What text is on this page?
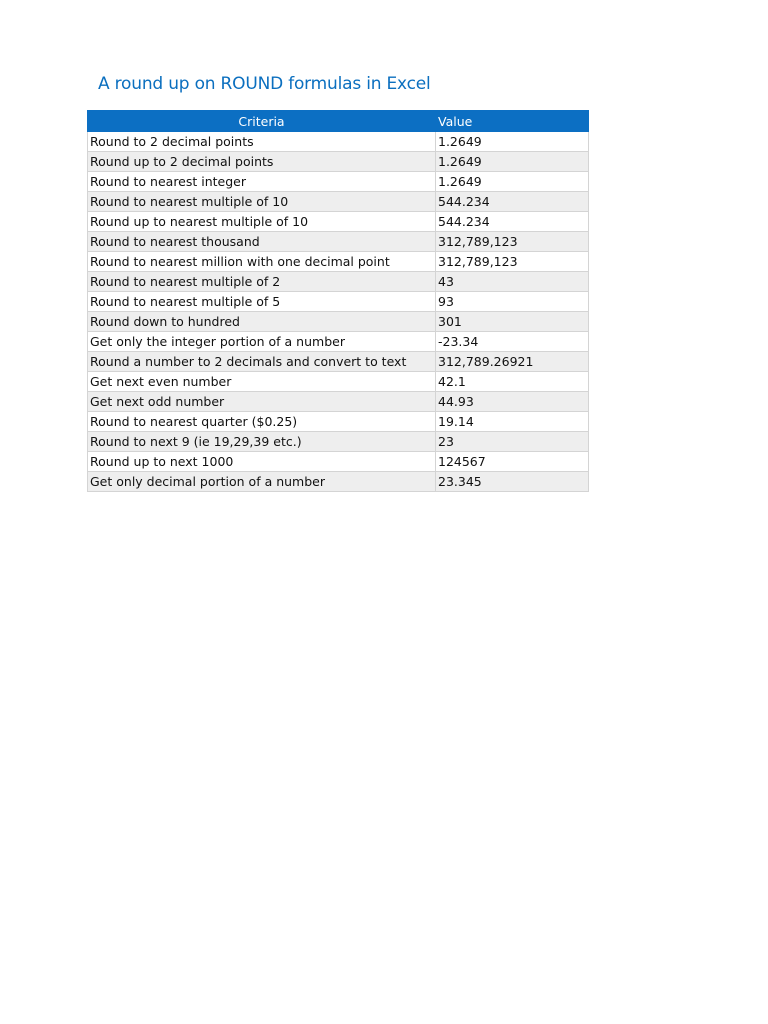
A round up on ROUND formulas in Excel
Criteria	Value
Round to 2 decimal points	1.2649
Round up to 2 decimal points	1.2649
Round to nearest integer	1.2649
Round to nearest multiple of 10	544.234
Round up to nearest multiple of 10	544.234
Round to nearest thousand	312,789,123
Round to nearest million with one decimal point	312,789,123
Round to nearest multiple of 2	43
Round to nearest multiple of 5	93
Round down to hundred	301
Get only the integer portion of a number	-23.34
Round a number to 2 decimals and convert to text	312,789.26921
Get next even number	42.1
Get next odd number	44.93
Round to nearest quarter ($0.25)	19.14
Round to next 9 (ie 19,29,39 etc.)	23
Round up to next 1000	124567
Get only decimal portion of a number	23.345
